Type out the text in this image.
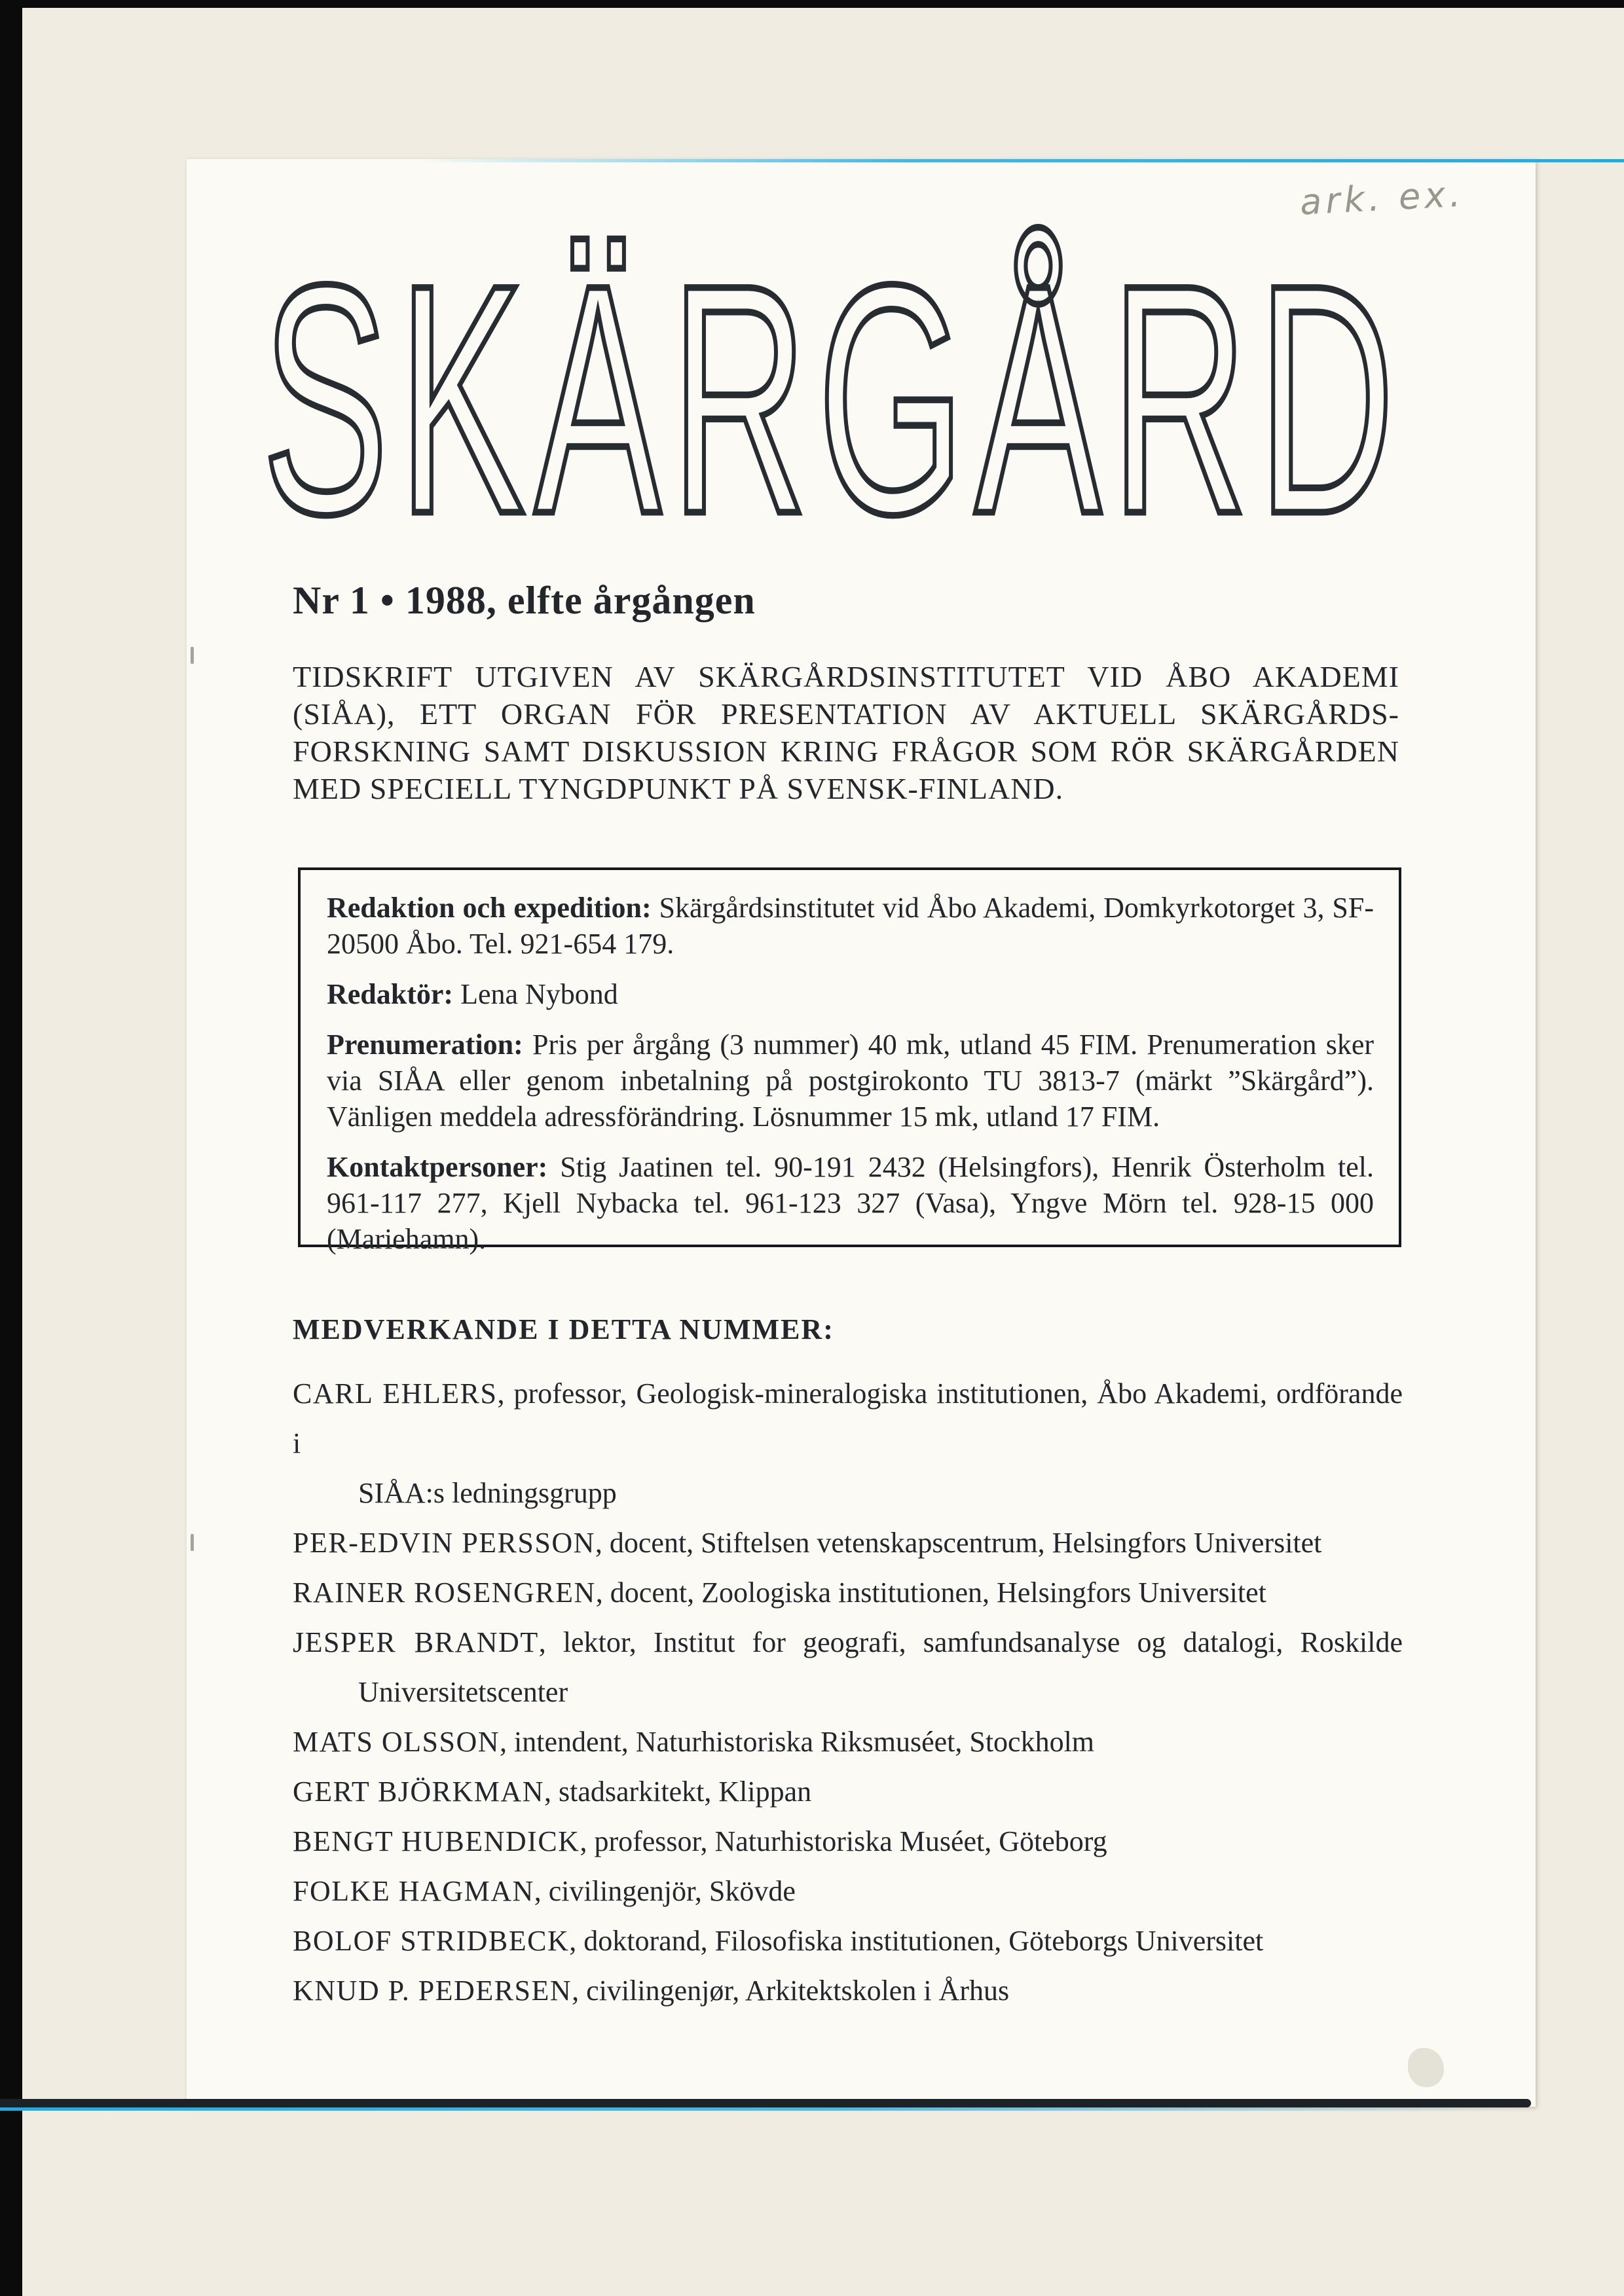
ark. ex.
S K Ä R G Å R D
Nr 1 • 1988, elfte årgången
TIDSKRIFT UTGIVEN AV SKÄRGÅRDSINSTITUTET VID ÅBO AKADEMI
(SIÅA), ETT ORGAN FÖR PRESENTATION AV AKTUELL SKÄRGÅRDS-
FORSKNING SAMT DISKUSSION KRING FRÅGOR SOM RÖR SKÄRGÅRDEN
MED SPECIELL TYNGDPUNKT PÅ SVENSK-FINLAND.

Redaktion och expedition: Skärgårdsinstitutet vid Åbo Akademi, Domkyrkotorget 3, SF-20500 Åbo. Tel. 921-654 179.

Redaktör: Lena Nybond

Prenumeration: Pris per årgång (3 nummer) 40 mk, utland 45 FIM. Prenumeration sker via SIÅA eller genom inbetalning på postgirokonto TU 3813-7 (märkt ”Skärgård”). Vänligen meddela adressförändring. Lösnummer 15 mk, utland 17 FIM.

Kontaktpersoner: Stig Jaatinen tel. 90-191 2432 (Helsingfors), Henrik Österholm tel. 961-117 277, Kjell Nybacka tel. 961-123 327 (Vasa), Yngve Mörn tel. 928-15 000 (Mariehamn).

MEDVERKANDE I DETTA NUMMER:
CARL EHLERS, professor, Geologisk-mineralogiska institutionen, Åbo Akademi, ordförande i
SIÅA:s ledningsgrupp
PER-EDVIN PERSSON, docent, Stiftelsen vetenskapscentrum, Helsingfors Universitet
RAINER ROSENGREN, docent, Zoologiska institutionen, Helsingfors Universitet
JESPER BRANDT, lektor, Institut for geografi, samfundsanalyse og datalogi, Roskilde
Universitetscenter
MATS OLSSON, intendent, Naturhistoriska Riksmuséet, Stockholm
GERT BJÖRKMAN, stadsarkitekt, Klippan
BENGT HUBENDICK, professor, Naturhistoriska Muséet, Göteborg
FOLKE HAGMAN, civilingenjör, Skövde
BOLOF STRIDBECK, doktorand, Filosofiska institutionen, Göteborgs Universitet
KNUD P. PEDERSEN, civilingenjør, Arkitektskolen i Århus
